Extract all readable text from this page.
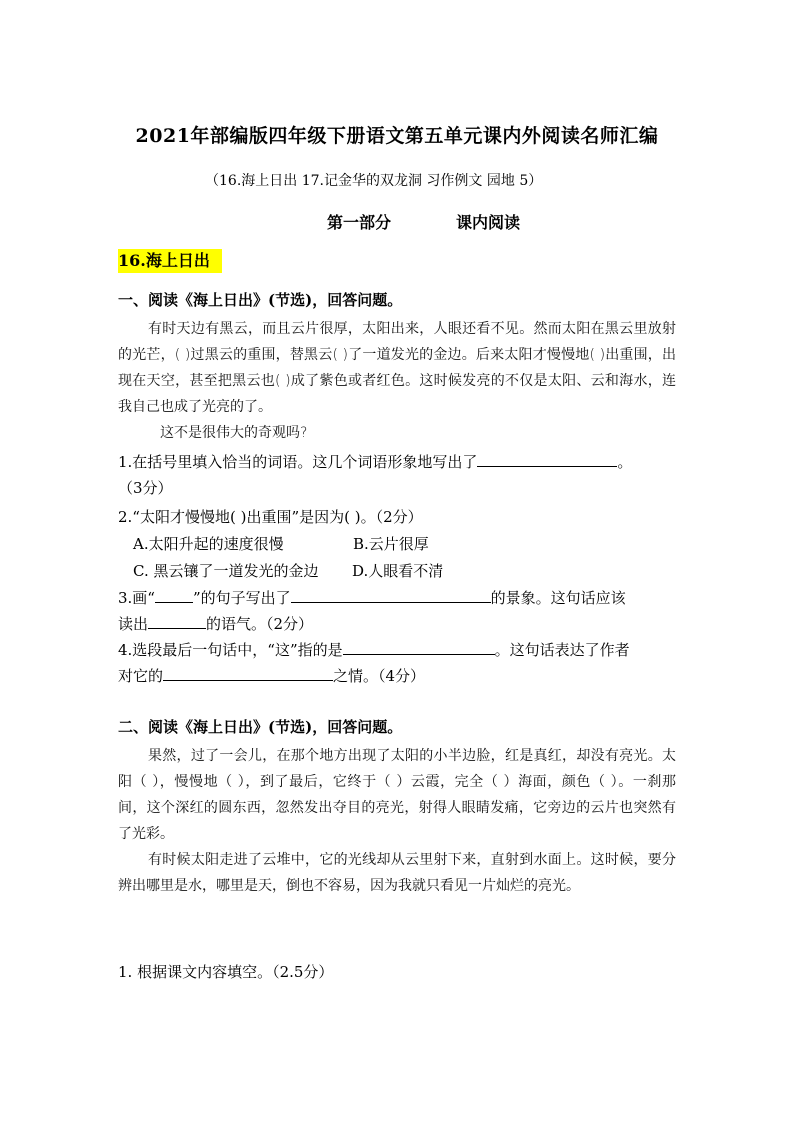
2021年部编版四年级下册语文第五单元课内外阅读名师汇编
（16.海上日出 17.记金华的双龙洞 习作例文 园地 5）
第一部分	课内阅读
16.海上日出
一、阅读《海上日出》(节选)，回答问题。

有时天边有黑云，而且云片很厚，太阳出来，人眼还看不见。然而太阳在黑云里放射的光芒，( )过黑云的重围，替黑云( )了一道发光的金边。后来太阳才慢慢地( )出重围，出现在天空，甚至把黑云也( )成了紫色或者红色。这时候发亮的不仅是太阳、云和海水，连我自己也成了光亮的了。

这不是很伟大的奇观吗?

1.在括号里填入恰当的词语。这几个词语形象地写出了	。
（3分）
2.“太阳才慢慢地( )出重围”是因为( )。（2分）
A.太阳升起的速度很慢	B.云片很厚
C. 黑云镶了一道发光的金边 D.人眼看不清
3.画“	”的句子写出了	的景象。这句话应该
读出	的语气。（2分）
4.选段最后一句话中，“这”指的是	。这句话表达了作者
对它的	之情。（4分）
二、阅读《海上日出》(节选)，回答问题。

果然，过了一会儿，在那个地方出现了太阳的小半边脸，红是真红，却没有亮光。太阳（ ），慢慢地（ ），到了最后，它终于（ ）云霞，完全（ ）海面，颜色（ ）。一刹那间，这个深红的圆东西，忽然发出夺目的亮光，射得人眼睛发痛，它旁边的云片也突然有了光彩。

有时候太阳走进了云堆中，它的光线却从云里射下来，直射到水面上。这时候，要分辨出哪里是水，哪里是天，倒也不容易，因为我就只看见一片灿烂的亮光。

1. 根据课文内容填空。（2.5分）
